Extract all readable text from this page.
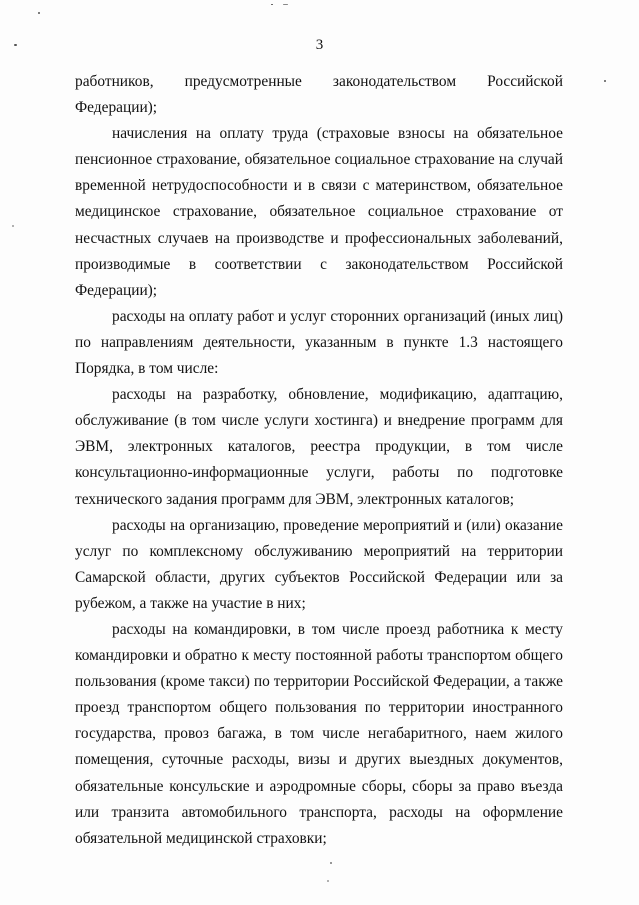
3

работников, предусмотренные законодательством Российской Федерации);

начисления на оплату труда (страховые взносы на обязательное пенсионное страхование, обязательное социальное страхование на случай временной нетрудоспособности и в связи с материнством, обязательное медицинское страхование, обязательное социальное страхование от несчастных случаев на производстве и профессиональных заболеваний, производимые в соответствии с законодательством Российской Федерации);

расходы на оплату работ и услуг сторонних организаций (иных лиц) по направлениям деятельности, указанным в пункте 1.3 настоящего Порядка, в том числе:

расходы на разработку, обновление, модификацию, адаптацию, обслуживание (в том числе услуги хостинга) и внедрение программ для ЭВМ, электронных каталогов, реестра продукции, в том числе консультационно-информационные услуги, работы по подготовке технического задания программ для ЭВМ, электронных каталогов;

расходы на организацию, проведение мероприятий и (или) оказание услуг по комплексному обслуживанию мероприятий на территории Самарской области, других субъектов Российской Федерации или за рубежом, а также на участие в них;

расходы на командировки, в том числе проезд работника к месту командировки и обратно к месту постоянной работы транспортом общего пользования (кроме такси) по территории Российской Федерации, а также проезд транспортом общего пользования по территории иностранного государства, провоз багажа, в том числе негабаритного, наем жилого помещения, суточные расходы, визы и других выездных документов, обязательные консульские и аэродромные сборы, сборы за право въезда или транзита автомобильного транспорта, расходы на оформление обязательной медицинской страховки;
